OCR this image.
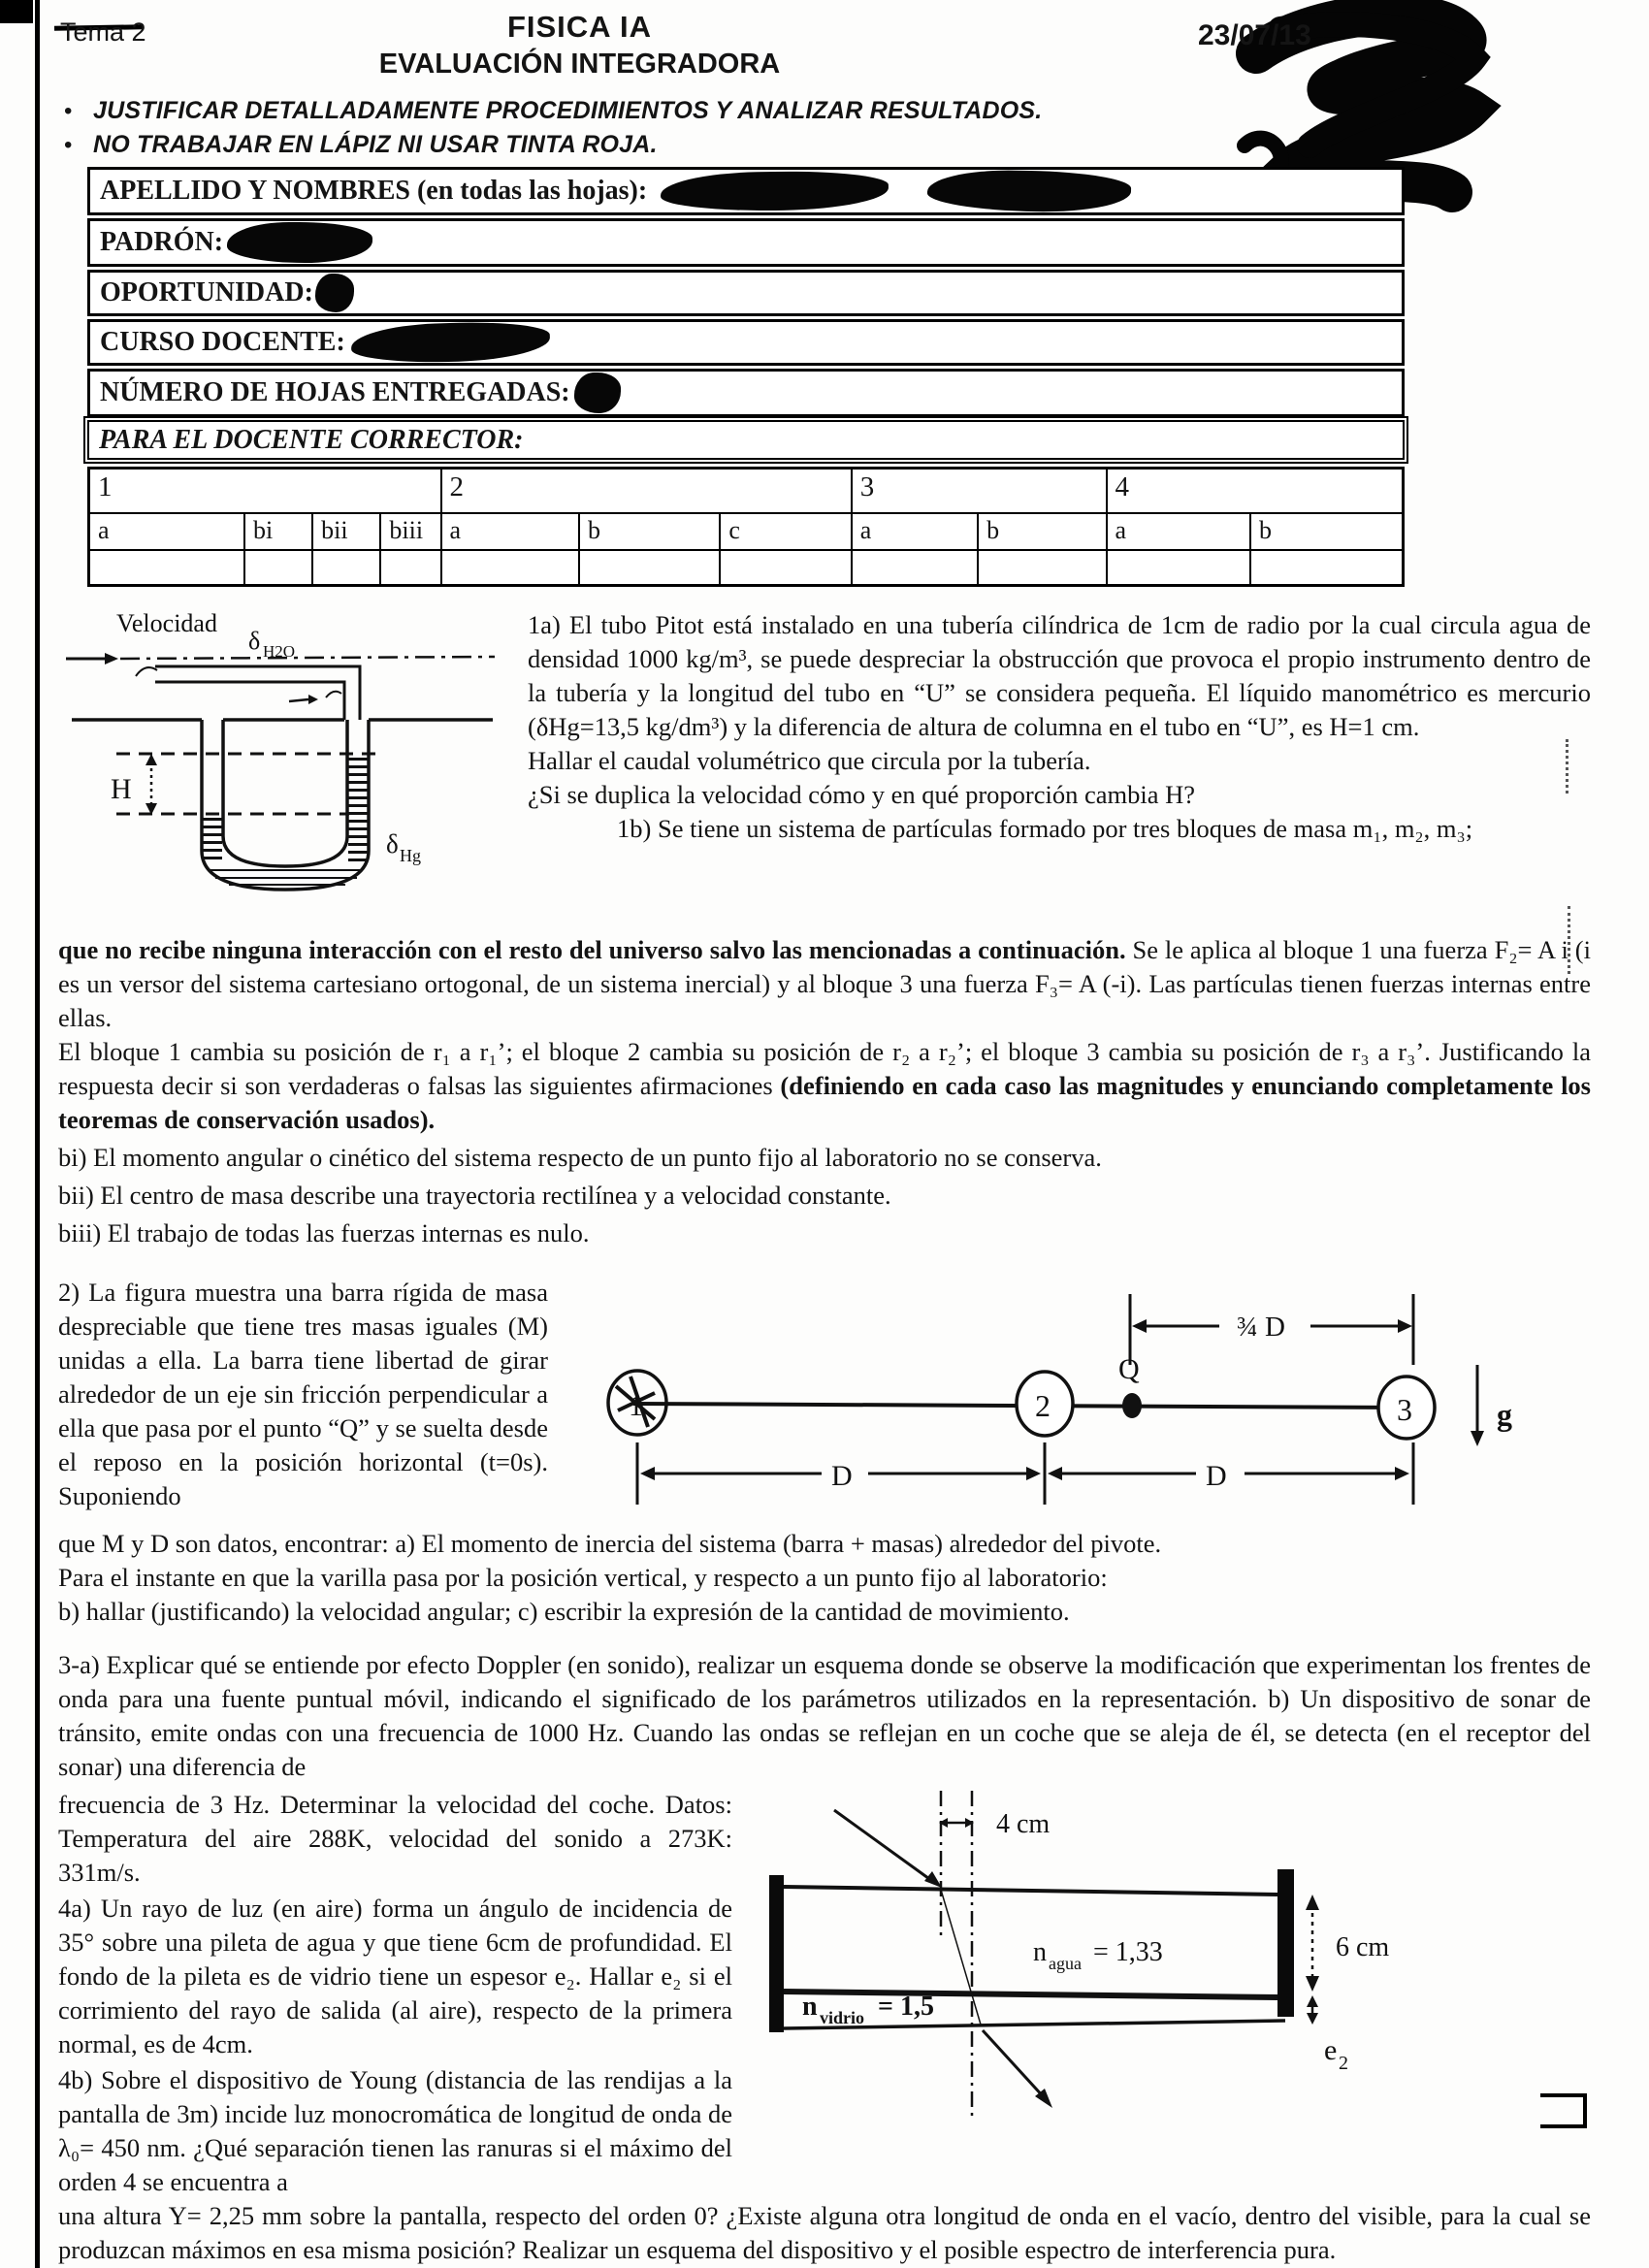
Tema 2	FISICA IA
EVALUACIÓN INTEGRADORA
23/07/13
• JUSTIFICAR DETALLADAMENTE PROCEDIMIENTOS Y ANALIZAR RESULTADOS.
• NO TRABAJAR EN LÁPIZ NI USAR TINTA ROJA.
APELLIDO Y NOMBRES (en todas las hojas):
PADRÓN:
OPORTUNIDAD:
CURSO DOCENTE:
NÚMERO DE HOJAS ENTREGADAS:
PARA EL DOCENTE CORRECTOR:
1				2			3		4	
a	bi	bii	biii	a	b	c	a	b	a	b

Velocidad
δ H2O
H
δ Hg

1a) El tubo Pitot está instalado en una tubería cilíndrica de 1cm de radio por la cual circula agua de densidad 1000 kg/m³, se puede despreciar la obstrucción que provoca el propio instrumento dentro de la tubería y la longitud del tubo en “U” se considera pequeña. El líquido manométrico es mercurio (δHg=13,5 kg/dm³) y la diferencia de altura de columna en el tubo en “U”, es H=1 cm.

Hallar el caudal volumétrico que circula por la tubería.

¿Si se duplica la velocidad cómo y en qué proporción cambia H?

1b) Se tiene un sistema de partículas formado por tres bloques de masa m₁, m₂, m₃;

que no recibe ninguna interacción con el resto del universo salvo las mencionadas a continuación. Se le aplica al bloque 1 una fuerza F₂= A i (i es un versor del sistema cartesiano ortogonal, de un sistema inercial) y al bloque 3 una fuerza F₃= A (-i). Las partículas tienen fuerzas internas entre ellas.

El bloque 1 cambia su posición de r₁ a r₁’; el bloque 2 cambia su posición de r₂ a r₂’; el bloque 3 cambia su posición de r₃ a r₃’. Justificando la respuesta decir si son verdaderas o falsas las siguientes afirmaciones (definiendo en cada caso las magnitudes y enunciando completamente los teoremas de conservación usados).

bi) El momento angular o cinético del sistema respecto de un punto fijo al laboratorio no se conserva.

bii) El centro de masa describe una trayectoria rectilínea y a velocidad constante.

biii) El trabajo de todas las fuerzas internas es nulo.

2) La figura muestra una barra rígida de masa despreciable que tiene tres masas iguales (M) unidas a ella. La barra tiene libertad de girar alrededor de un eje sin fricción perpendicular a ella que pasa por el punto “Q” y se suelta desde el reposo en la posición horizontal (t=0s). Suponiendo

¾ D
1	2	3
Q
D	D
g

que M y D son datos, encontrar: a) El momento de inercia del sistema (barra + masas) alrededor del pivote.

Para el instante en que la varilla pasa por la posición vertical, y respecto a un punto fijo al laboratorio:

b) hallar (justificando) la velocidad angular; c) escribir la expresión de la cantidad de movimiento.

3-a) Explicar qué se entiende por efecto Doppler (en sonido), realizar un esquema donde se observe la modificación que experimentan los frentes de onda para una fuente puntual móvil, indicando el significado de los parámetros utilizados en la representación. b) Un dispositivo de sonar de tránsito, emite ondas con una frecuencia de 1000 Hz. Cuando las ondas se reflejan en un coche que se aleja de él, se detecta (en el receptor del sonar) una diferencia de

frecuencia de 3 Hz. Determinar la velocidad del coche. Datos: Temperatura del aire 288K, velocidad del sonido a 273K: 331m/s.

4a) Un rayo de luz (en aire) forma un ángulo de incidencia de 35° sobre una pileta de agua y que tiene 6cm de profundidad. El fondo de la pileta es de vidrio tiene un espesor e₂. Hallar e₂ si el corrimiento del rayo de salida (al aire), respecto de la primera normal, es de 4cm.

4b) Sobre el dispositivo de Young (distancia de las rendijas a la pantalla de 3m) incide luz monocromática de longitud de onda de λ₀= 450 nm. ¿Qué separación tienen las ranuras si el máximo del orden 4 se encuentra a

4 cm
n agua = 1,33
n vidrio = 1,5
6 cm
e 2

una altura Y= 2,25 mm sobre la pantalla, respecto del orden 0? ¿Existe alguna otra longitud de onda en el vacío, dentro del visible, para la cual se produzcan máximos en esa misma posición? Realizar un esquema del dispositivo y el posible espectro de interferencia pura.
